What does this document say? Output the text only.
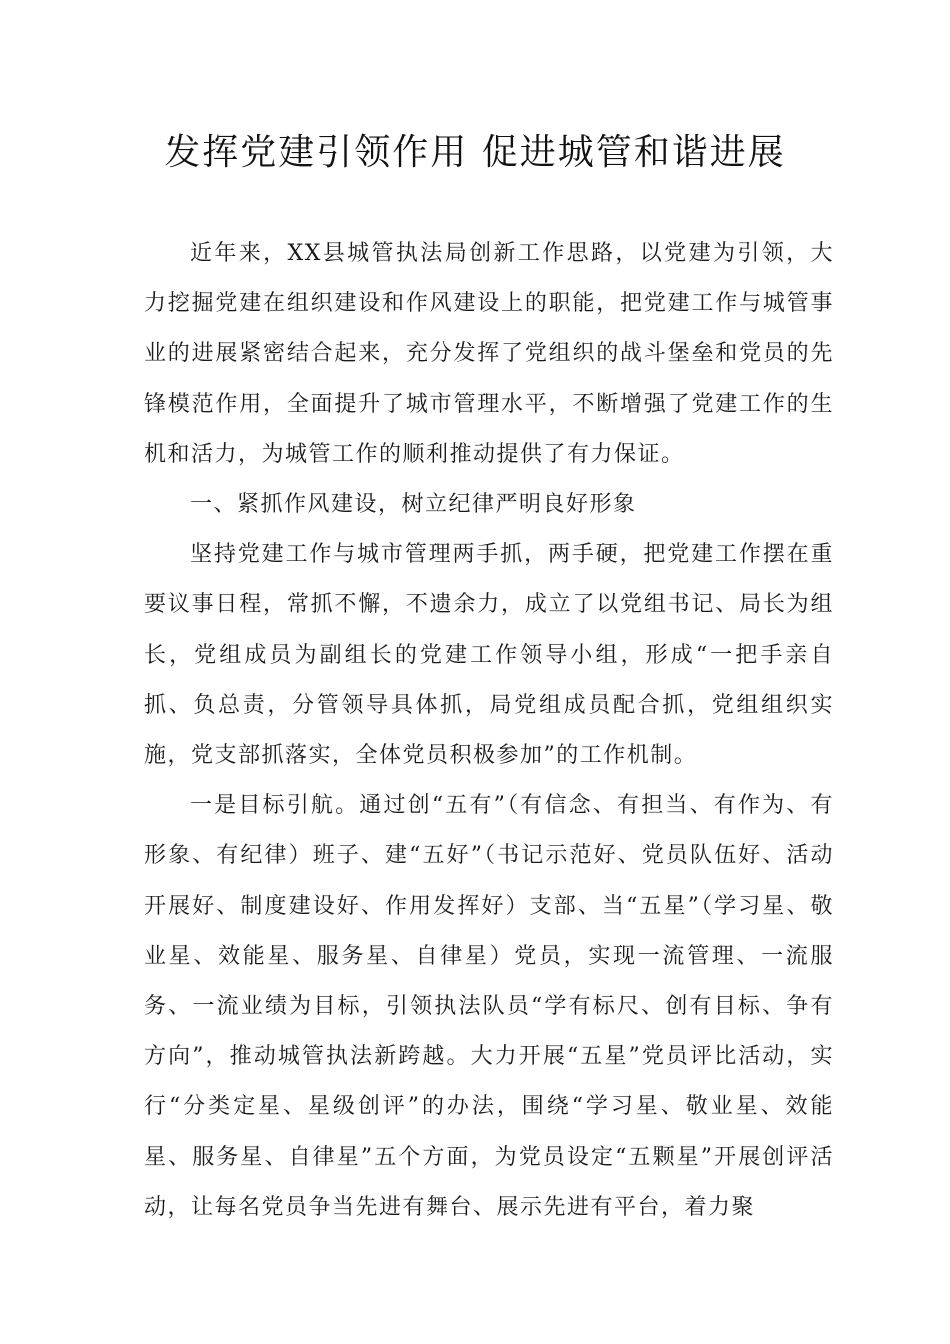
发挥党建引领作用 促进城管和谐进展

近年来，XX县城管执法局创新工作思路，以党建为引领，大力挖掘党建在组织建设和作风建设上的职能，把党建工作与城管事业的进展紧密结合起来，充分发挥了党组织的战斗堡垒和党员的先锋模范作用，全面提升了城市管理水平，不断增强了党建工作的生机和活力，为城管工作的顺利推动提供了有力保证。

一、紧抓作风建设，树立纪律严明良好形象

坚持党建工作与城市管理两手抓，两手硬，把党建工作摆在重要议事日程，常抓不懈，不遗余力，成立了以党组书记、局长为组长，党组成员为副组长的党建工作领导小组，形成“一把手亲自抓、负总责，分管领导具体抓，局党组成员配合抓，党组组织实施，党支部抓落实，全体党员积极参加”的工作机制。

一是目标引航。通过创“五有”（有信念、有担当、有作为、有形象、有纪律）班子、建“五好”（书记示范好、党员队伍好、活动开展好、制度建设好、作用发挥好）支部、当“五星”（学习星、敬业星、效能星、服务星、自律星）党员，实现一流管理、一流服务、一流业绩为目标，引领执法队员“学有标尺、创有目标、争有方向”，推动城管执法新跨越。大力开展“五星”党员评比活动，实行“分类定星、星级创评”的办法，围绕“学习星、敬业星、效能星、服务星、自律星”五个方面，为党员设定“五颗星”开展创评活动，让每名党员争当先进有舞台、展示先进有平台，着力聚
